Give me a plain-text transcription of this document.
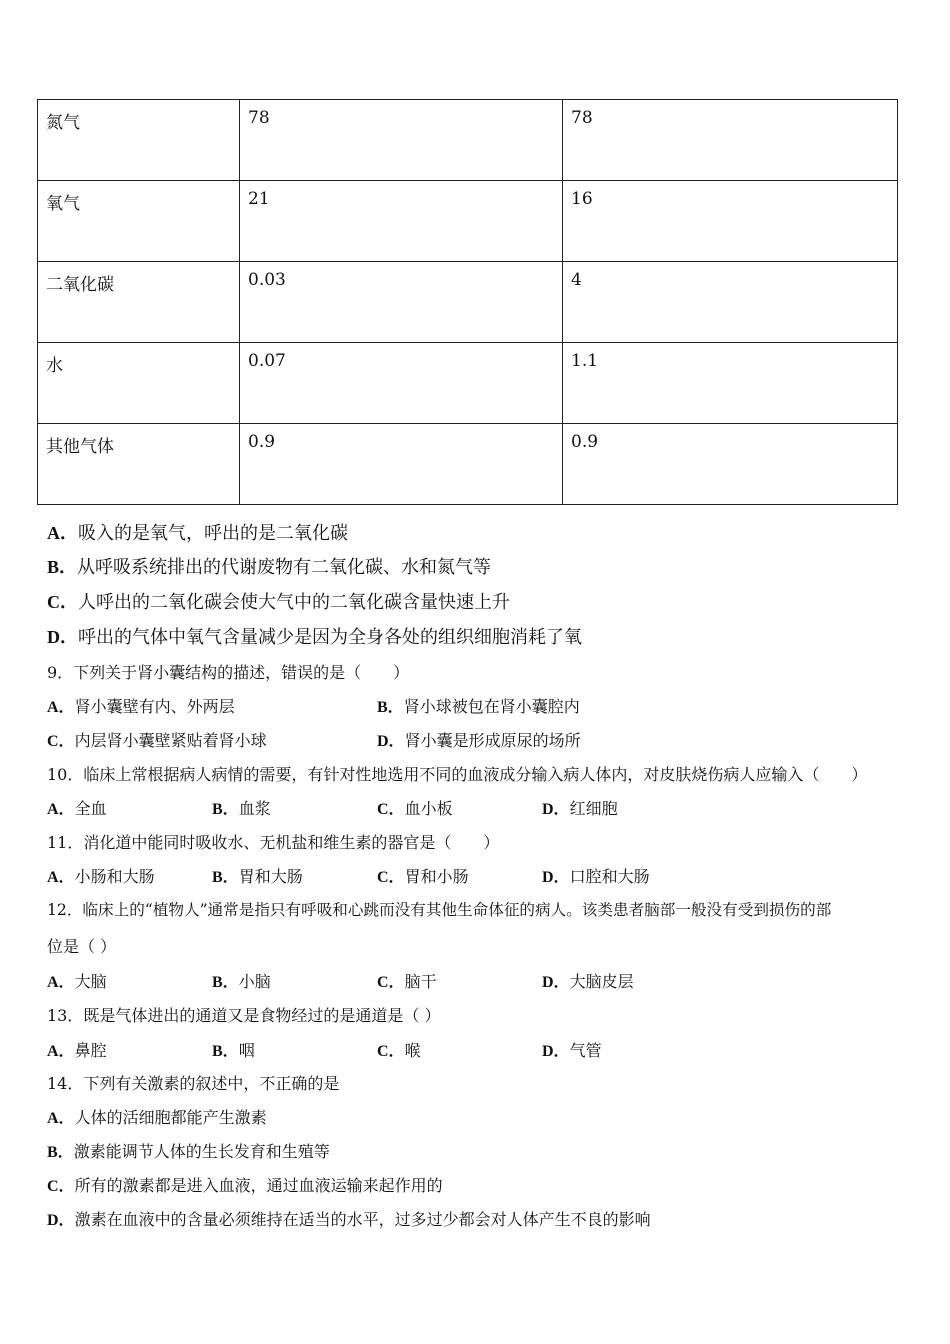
氮气	78	78
氧气	21	16
二氧化碳	0.03	4
水	0.07	1.1
其他气体	0.9	0.9
A．吸入的是氧气，呼出的是二氧化碳
B．从呼吸系统排出的代谢废物有二氧化碳、水和氮气等
C．人呼出的二氧化碳会使大气中的二氧化碳含量快速上升
D．呼出的气体中氧气含量减少是因为全身各处的组织细胞消耗了氧
9．下列关于肾小囊结构的描述，错误的是（　　）
A．肾小囊壁有内、外两层	B．肾小球被包在肾小囊腔内
C．内层肾小囊壁紧贴着肾小球	D．肾小囊是形成原尿的场所
10．临床上常根据病人病情的需要，有针对性地选用不同的血液成分输入病人体内，对皮肤烧伤病人应输入（　　）
A．全血	B．血浆	C．血小板	D．红细胞
11．消化道中能同时吸收水、无机盐和维生素的器官是（　　）
A．小肠和大肠	B．胃和大肠	C．胃和小肠	D．口腔和大肠
12．临床上的“植物人”通常是指只有呼吸和心跳而没有其他生命体征的病人。该类患者脑部一般没有受到损伤的部
位是（ ）
A．大脑	B．小脑	C．脑干	D．大脑皮层
13．既是气体进出的通道又是食物经过的是通道是（ ）
A．鼻腔	B．咽	C．喉	D．气管
14．下列有关激素的叙述中，不正确的是
A．人体的活细胞都能产生激素
B．激素能调节人体的生长发育和生殖等
C．所有的激素都是进入血液，通过血液运输来起作用的
D．激素在血液中的含量必须维持在适当的水平，过多过少都会对人体产生不良的影响
